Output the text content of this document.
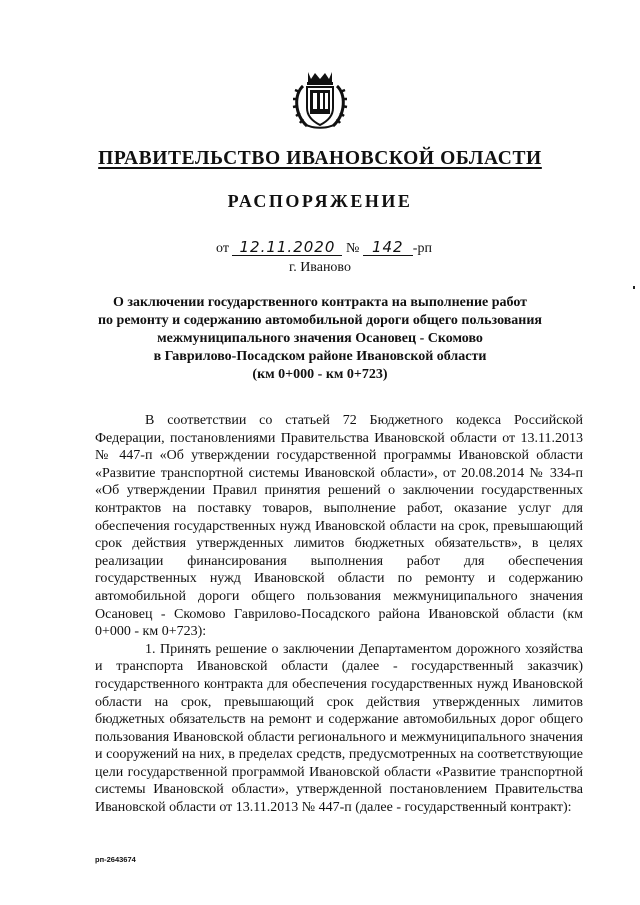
ПРАВИТЕЛЬСТВО ИВАНОВСКОЙ ОБЛАСТИ
РАСПОРЯЖЕНИЕ
от 12.11.2020 № 142 -рп
г. Иваново
О заключении государственного контракта на выполнение работ
по ремонту и содержанию автомобильной дороги общего пользования
межмуниципального значения Осановец - Скомово
в Гаврилово-Посадском районе Ивановской области
(км 0+000 - км 0+723)

В соответствии со статьей 72 Бюджетного кодекса Российской Федерации, постановлениями Правительства Ивановской области от 13.11.2013 № 447-п «Об утверждении государственной программы Ивановской области «Развитие транспортной системы Ивановской области», от 20.08.2014 № 334-п «Об утверждении Правил принятия решений о заключении государственных контрактов на поставку товаров, выполнение работ, оказание услуг для обеспечения государственных нужд Ивановской области на срок, превышающий срок действия утвержденных лимитов бюджетных обязательств», в целях реализации финансирования выполнения работ для обеспечения государственных нужд Ивановской области по ремонту и содержанию автомобильной дороги общего пользования межмуниципального значения Осановец - Скомово Гаврилово-Посадского района Ивановской области (км 0+000 - км 0+723):

1. Принять решение о заключении Департаментом дорожного хозяйства и транспорта Ивановской области (далее - государственный заказчик) государственного контракта для обеспечения государственных нужд Ивановской области на срок, превышающий срок действия утвержденных лимитов бюджетных обязательств на ремонт и содержание автомобильных дорог общего пользования Ивановской области регионального и межмуниципального значения и сооружений на них, в пределах средств, предусмотренных на соответствующие цели государственной программой Ивановской области «Развитие транспортной системы Ивановской области», утвержденной постановлением Правительства Ивановской области от 13.11.2013 № 447-п (далее - государственный контракт):

рп-2643674
